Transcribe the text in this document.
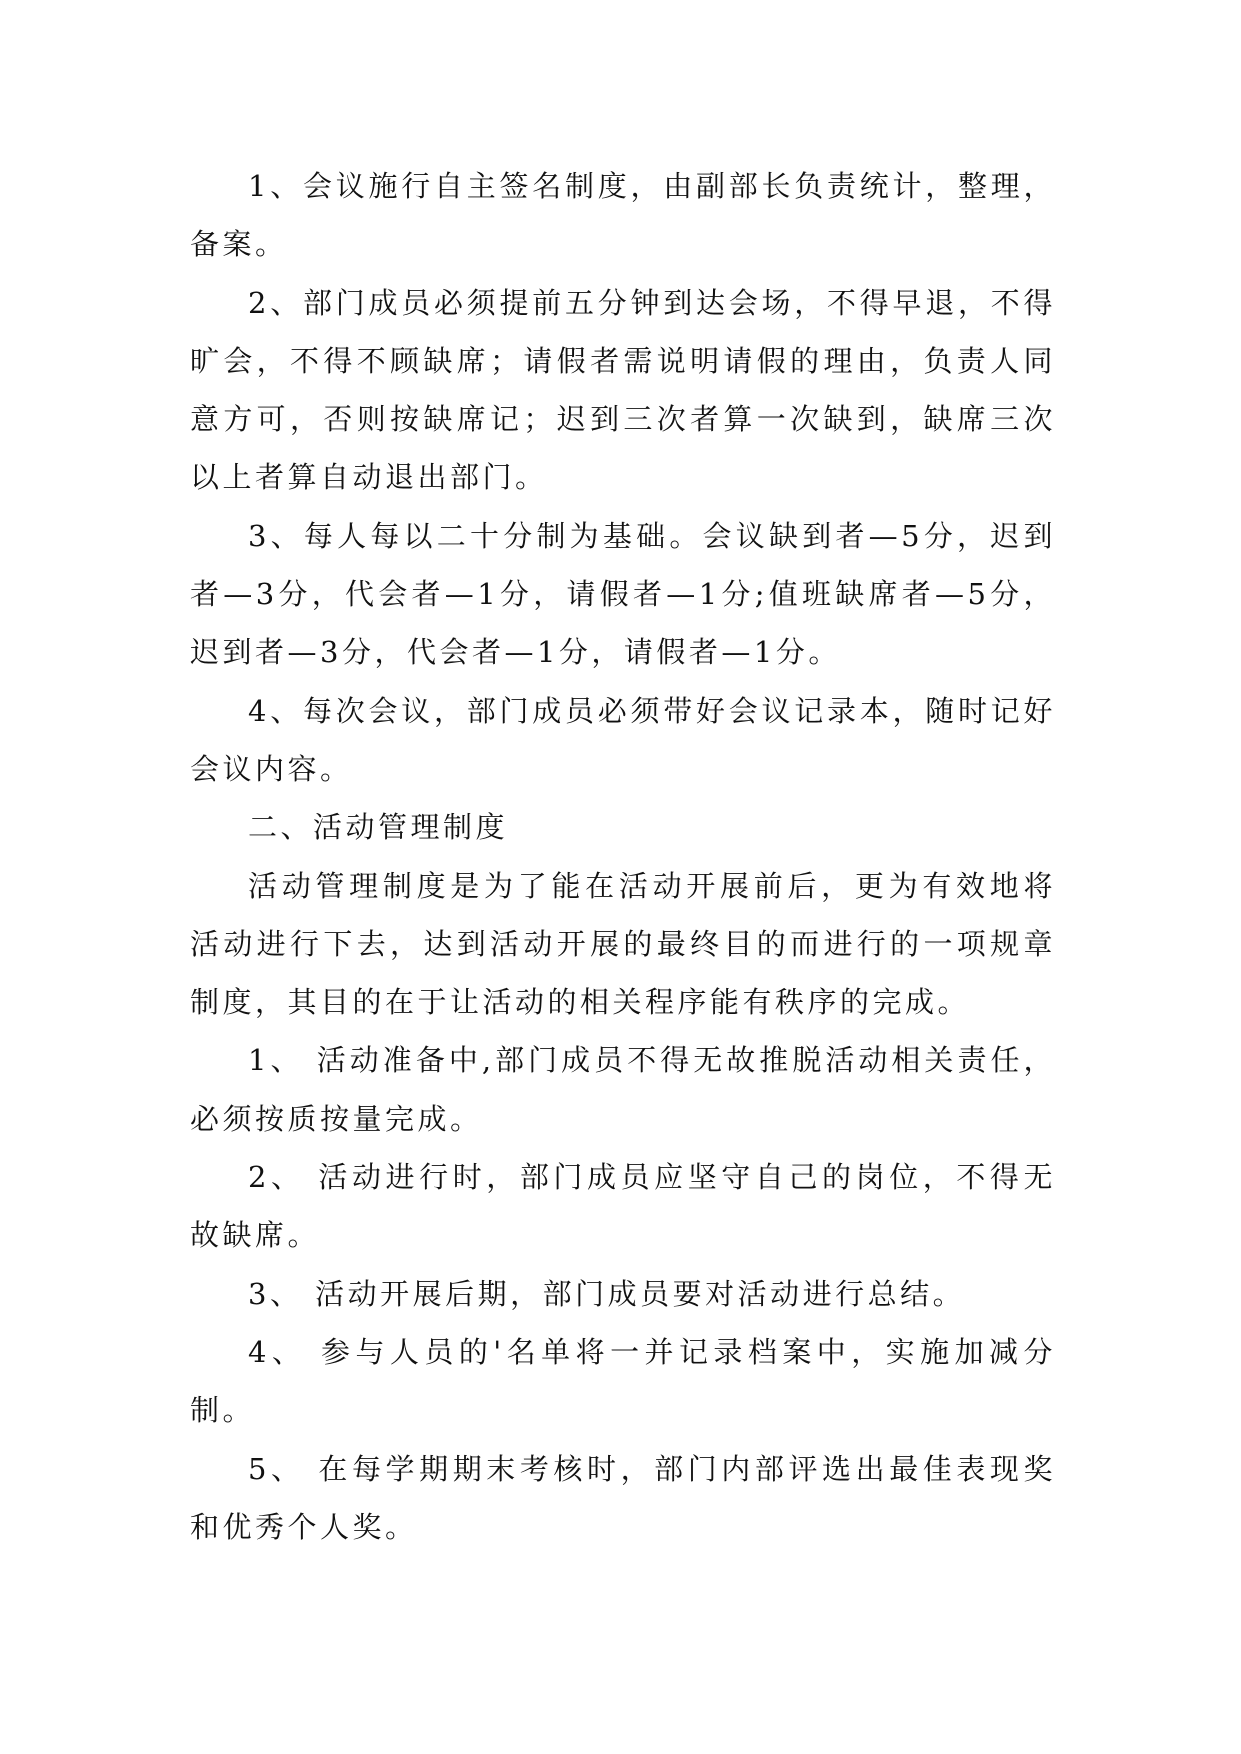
1、会议施行自主签名制度，由副部长负责统计，整理，备案。

2、部门成员必须提前五分钟到达会场，不得早退，不得旷会，不得不顾缺席；请假者需说明请假的理由，负责人同意方可，否则按缺席记；迟到三次者算一次缺到，缺席三次以上者算自动退出部门。

3、每人每以二十分制为基础。会议缺到者—5分，迟到者—3分，代会者—1分，请假者—1分;值班缺席者—5分，迟到者—3分，代会者—1分，请假者—1分。

4、每次会议，部门成员必须带好会议记录本，随时记好会议内容。

二、活动管理制度

活动管理制度是为了能在活动开展前后，更为有效地将活动进行下去，达到活动开展的最终目的而进行的一项规章制度，其目的在于让活动的相关程序能有秩序的完成。

1、 活动准备中,部门成员不得无故推脱活动相关责任，必须按质按量完成。

2、 活动进行时，部门成员应坚守自己的岗位，不得无故缺席。

3、 活动开展后期，部门成员要对活动进行总结。

4、 参与人员的'名单将一并记录档案中，实施加减分制。

5、 在每学期期末考核时，部门内部评选出最佳表现奖和优秀个人奖。
